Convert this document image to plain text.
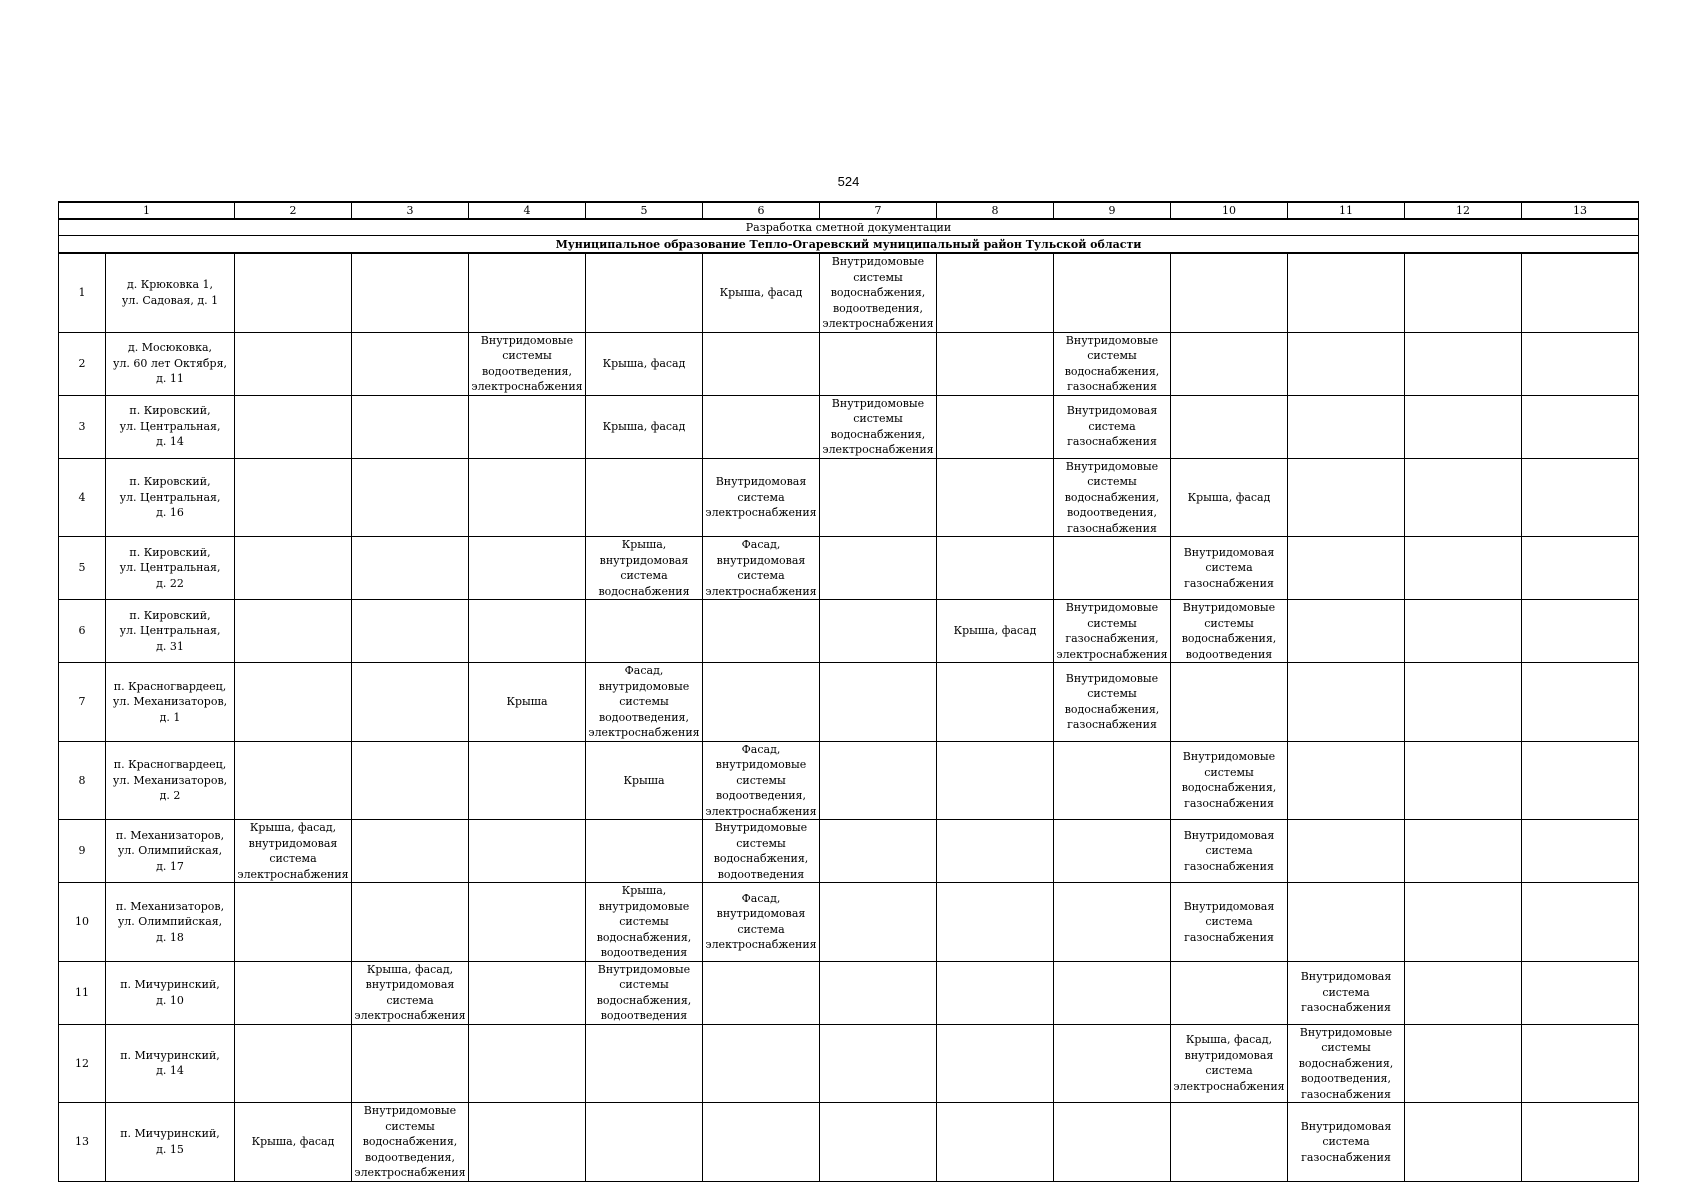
524
1		2	3	4	5	6	7	8	9	10	11	12	13
Разработка сметной документации													
Муниципальное образование Тепло-Огаревский муниципальный район Тульской области													
1	д. Крюковка 1,
ул. Садовая, д. 1					Крыша, фасад	Внутридомовые
системы
водоснабжения,
водоотведения,
электроснабжения						
2	д. Мосюковка,
ул. 60 лет Октября,
д. 11			Внутридомовые
системы
водоотведения,
электроснабжения	Крыша, фасад				Внутридомовые
системы
водоснабжения,
газоснабжения				
3	п. Кировский,
ул. Центральная,
д. 14				Крыша, фасад		Внутридомовые
системы
водоснабжения,
электроснабжения		Внутридомовая
система
газоснабжения				
4	п. Кировский,
ул. Центральная,
д. 16					Внутридомовая
система
электроснабжения			Внутридомовые
системы
водоснабжения,
водоотведения,
газоснабжения	Крыша, фасад			
5	п. Кировский,
ул. Центральная,
д. 22				Крыша,
внутридомовая
система
водоснабжения	Фасад,
внутридомовая
система
электроснабжения				Внутридомовая
система
газоснабжения			
6	п. Кировский,
ул. Центральная,
д. 31							Крыша, фасад	Внутридомовые
системы
газоснабжения,
электроснабжения	Внутридомовые
системы
водоснабжения,
водоотведения			
7	п. Красногвардеец,
ул. Механизаторов,
д. 1			Крыша	Фасад,
внутридомовые
системы
водоотведения,
электроснабжения				Внутридомовые
системы
водоснабжения,
газоснабжения				
8	п. Красногвардеец,
ул. Механизаторов,
д. 2				Крыша	Фасад,
внутридомовые
системы
водоотведения,
электроснабжения				Внутридомовые
системы
водоснабжения,
газоснабжения			
9	п. Механизаторов,
ул. Олимпийская,
д. 17	Крыша, фасад,
внутридомовая
система
электроснабжения				Внутридомовые
системы
водоснабжения,
водоотведения				Внутридомовая
система
газоснабжения			
10	п. Механизаторов,
ул. Олимпийская,
д. 18				Крыша,
внутридомовые
системы
водоснабжения,
водоотведения	Фасад,
внутридомовая
система
электроснабжения				Внутридомовая
система
газоснабжения			
11	п. Мичуринский,
д. 10		Крыша, фасад,
внутридомовая
система
электроснабжения		Внутридомовые
системы
водоснабжения,
водоотведения						Внутридомовая
система
газоснабжения		
12	п. Мичуринский,
д. 14									Крыша, фасад,
внутридомовая
система
электроснабжения	Внутридомовые
системы
водоснабжения,
водоотведения,
газоснабжения		
13	п. Мичуринский,
д. 15	Крыша, фасад	Внутридомовые
системы
водоснабжения,
водоотведения,
электроснабжения								Внутридомовая
система
газоснабжения		
